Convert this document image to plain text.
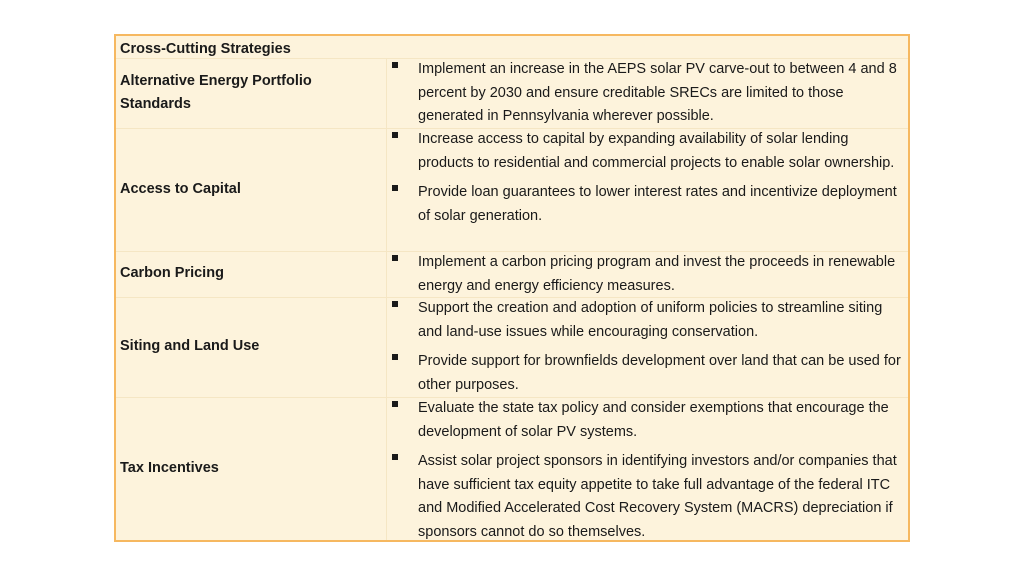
Cross-Cutting Strategies
Alternative Energy Portfolio Standards
Implement an increase in the AEPS solar PV carve-out to between 4 and 8 percent by 2030 and ensure creditable SRECs are limited to those generated in Pennsylvania wherever possible.
Access to Capital
Increase access to capital by expanding availability of solar lending products to residential and commercial projects to enable solar ownership.
Provide loan guarantees to lower interest rates and incentivize deployment of solar generation.
Carbon Pricing
Implement a carbon pricing program and invest the proceeds in renewable energy and energy efficiency measures.
Siting and Land Use
Support the creation and adoption of uniform policies to streamline siting and land-use issues while encouraging conservation.
Provide support for brownfields development over land that can be used for other purposes.
Tax Incentives
Evaluate the state tax policy and consider exemptions that encourage the development of solar PV systems.
Assist solar project sponsors in identifying investors and/or companies that have sufficient tax equity appetite to take full advantage of the federal ITC and Modified Accelerated Cost Recovery System (MACRS) depreciation if sponsors cannot do so themselves.
